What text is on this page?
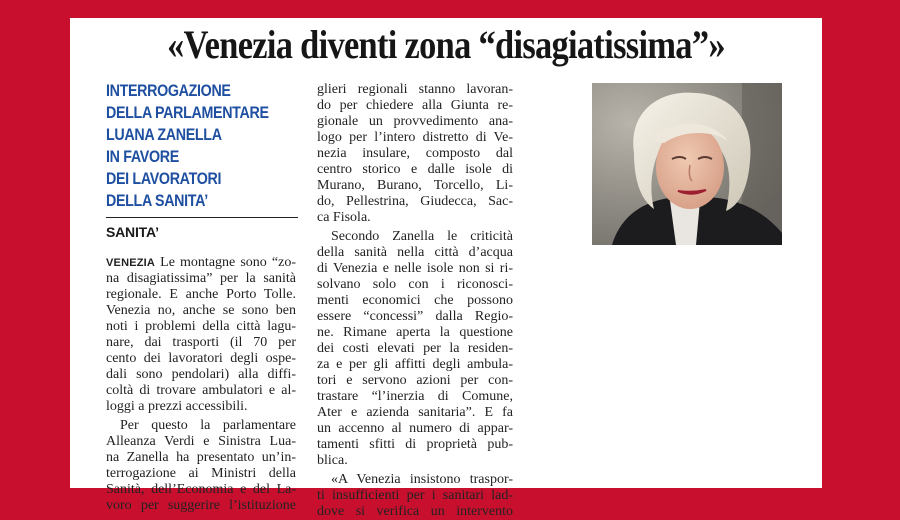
«Venezia diventi zona “disagiatissima”»
INTERROGAZIONE
DELLA PARLAMENTARE
LUANA ZANELLA
IN FAVORE
DEI LAVORATORI
DELLA SANITA’
SANITA’
VENEZIA Le montagne sono “zo-
na disagiatissima” per la sanità
regionale. E anche Porto Tolle.
Venezia no, anche se sono ben
noti i problemi della città lagu-
nare, dai trasporti (il 70 per
cento dei lavoratori degli ospe-
dali sono pendolari) alla diffi-
coltà di trovare ambulatori e al-
loggi a prezzi accessibili.
Per questo la parlamentare
Alleanza Verdi e Sinistra Lua-
na Zanella ha presentato un’in-
terrogazione ai Ministri della
Sanità, dell’Economia e del La-
voro per suggerire l’istituzione
glieri regionali stanno lavoran-
do per chiedere alla Giunta re-
gionale un provvedimento ana-
logo per l’intero distretto di Ve-
nezia insulare, composto dal
centro storico e dalle isole di
Murano, Burano, Torcello, Li-
do, Pellestrina, Giudecca, Sac-
ca Fisola.
Secondo Zanella le criticità
della sanità nella città d’acqua
di Venezia e nelle isole non si ri-
solvano solo con i riconosci-
menti economici che possono
essere “concessi” dalla Regio-
ne. Rimane aperta la questione
dei costi elevati per la residen-
za e per gli affitti degli ambula-
tori e servono azioni per con-
trastare “l’inerzia di Comune,
Ater e azienda sanitaria”. E fa
un accenno al numero di appar-
tamenti sfitti di proprietà pub-
blica.
«A Venezia insistono traspor-
ti insufficienti per i sanitari lad-
dove si verifica un intervento
